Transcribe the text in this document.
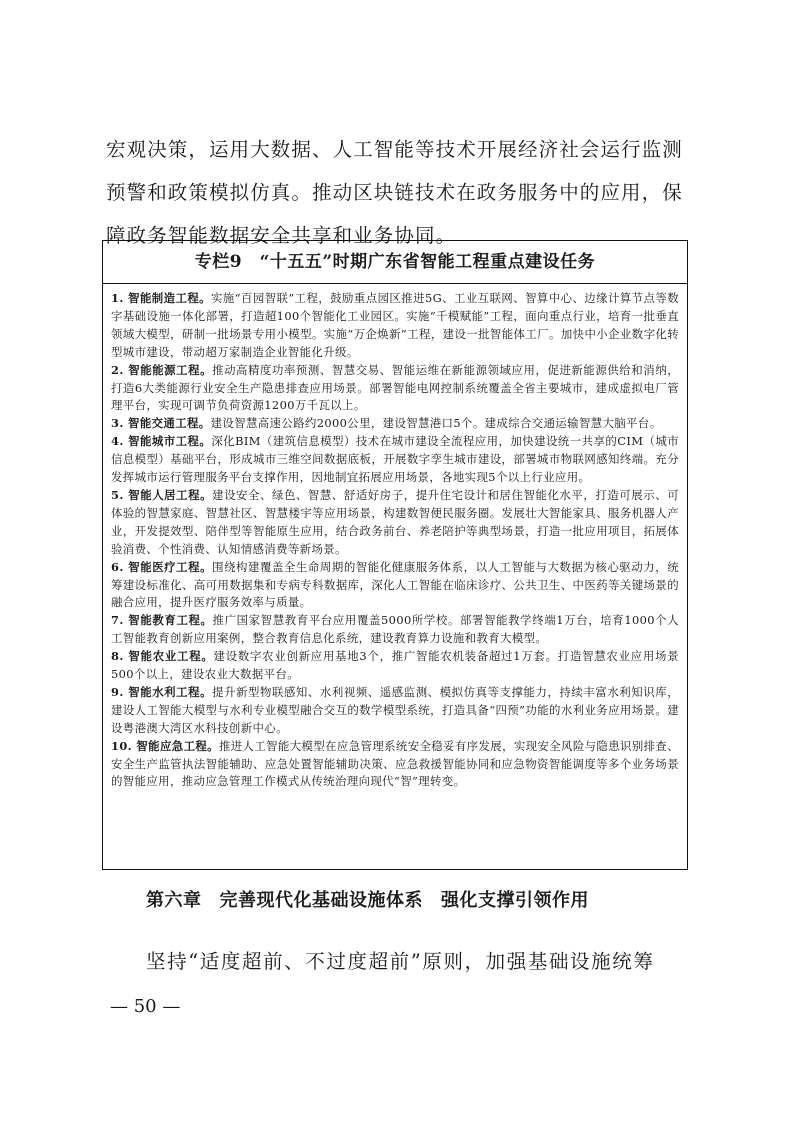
宏观决策，运用大数据、人工智能等技术开展经济社会运行监测
预警和政策模拟仿真。推动区块链技术在政务服务中的应用，保
障政务智能数据安全共享和业务协同。
专栏9　“十五五”时期广东省智能工程重点建设任务

1. 智能制造工程。实施“百园智联”工程，鼓励重点园区推进5G、工业互联网、智算中心、边缘计算节点等数字基础设施一体化部署，打造超100个智能化工业园区。实施“千模赋能”工程，面向重点行业，培育一批垂直领域大模型，研制一批场景专用小模型。实施“万企焕新”工程，建设一批智能体工厂。加快中小企业数字化转型城市建设，带动超万家制造企业智能化升级。

2. 智能能源工程。推动高精度功率预测、智慧交易、智能运维在新能源领域应用，促进新能源供给和消纳，打造6大类能源行业安全生产隐患排查应用场景。部署智能电网控制系统覆盖全省主要城市，建成虚拟电厂管理平台，实现可调节负荷资源1200万千瓦以上。

3. 智能交通工程。建设智慧高速公路约2000公里，建设智慧港口5个。建成综合交通运输智慧大脑平台。

4. 智能城市工程。深化BIM（建筑信息模型）技术在城市建设全流程应用，加快建设统一共享的CIM（城市信息模型）基础平台，形成城市三维空间数据底板，开展数字孪生城市建设，部署城市物联网感知终端。充分发挥城市运行管理服务平台支撑作用，因地制宜拓展应用场景，各地实现5个以上行业应用。

5. 智能人居工程。建设安全、绿色、智慧、舒适好房子，提升住宅设计和居住智能化水平，打造可展示、可体验的智慧家庭、智慧社区、智慧楼宇等应用场景，构建数智便民服务圈。发展壮大智能家具、服务机器人产业，开发提效型、陪伴型等智能原生应用，结合政务前台、养老陪护等典型场景，打造一批应用项目，拓展体验消费、个性消费、认知情感消费等新场景。

6. 智能医疗工程。围绕构建覆盖全生命周期的智能化健康服务体系，以人工智能与大数据为核心驱动力，统筹建设标准化、高可用数据集和专病专科数据库，深化人工智能在临床诊疗、公共卫生、中医药等关键场景的融合应用，提升医疗服务效率与质量。

7. 智能教育工程。推广国家智慧教育平台应用覆盖5000所学校。部署智能教学终端1万台，培育1000个人工智能教育创新应用案例，整合教育信息化系统，建设教育算力设施和教育大模型。

8. 智能农业工程。建设数字农业创新应用基地3个，推广智能农机装备超过1万套。打造智慧农业应用场景500个以上，建设农业大数据平台。

9. 智能水利工程。提升新型物联感知、水利视频、遥感监测、模拟仿真等支撑能力，持续丰富水利知识库，建设人工智能大模型与水利专业模型融合交互的数学模型系统，打造具备“四预”功能的水利业务应用场景。建设粤港澳大湾区水科技创新中心。

10. 智能应急工程。推进人工智能大模型在应急管理系统安全稳妥有序发展，实现安全风险与隐患识别排查、安全生产监管执法智能辅助、应急处置智能辅助决策、应急救援智能协同和应急物资智能调度等多个业务场景的智能应用，推动应急管理工作模式从传统治理向现代“智”理转变。

第六章 完善现代化基础设施体系 强化支撑引领作用
坚持“适度超前、不过度超前”原则，加强基础设施统筹
— 50 —
